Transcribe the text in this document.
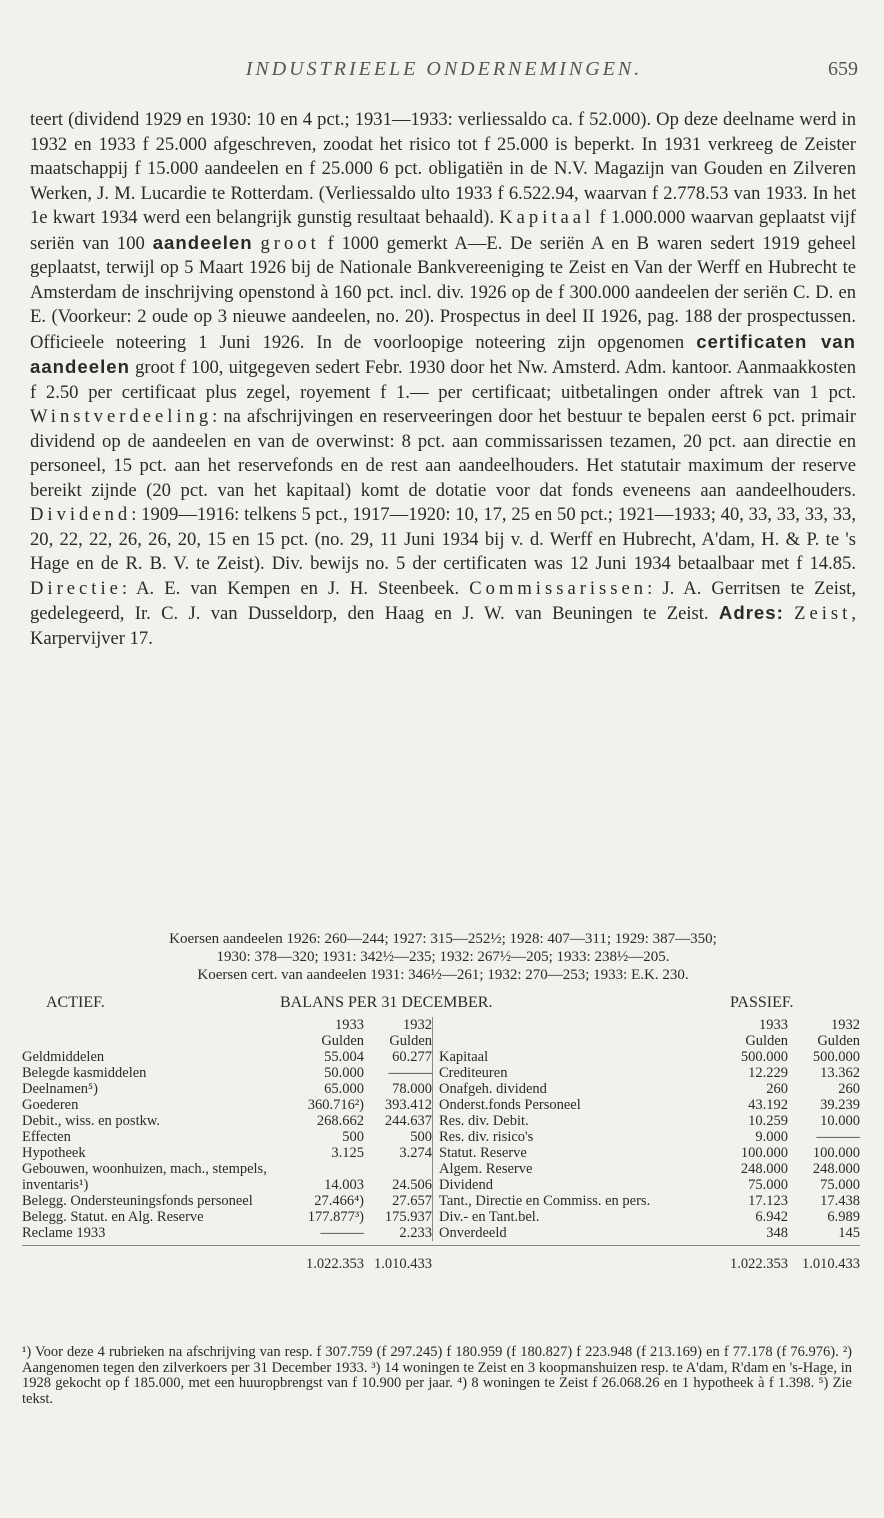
INDUSTRIEELE ONDERNEMINGEN.	659

teert (dividend 1929 en 1930: 10 en 4 pct.; 1931—1933: verliessaldo ca. f 52.000). Op deze deelname werd in 1932 en 1933 f 25.000 afgeschreven, zoodat het risico tot f 25.000 is beperkt. In 1931 verkreeg de Zeister maatschappij f 15.000 aandeelen en f 25.000 6 pct. obligatiën in de N.V. Magazijn van Gouden en Zilveren Werken, J. M. Lucardie te Rotterdam. (Verliessaldo ulto 1933 f 6.522.94, waarvan f 2.778.53 van 1933. In het 1e kwart 1934 werd een belangrijk gunstig resultaat behaald). Kapitaal f 1.000.000 waarvan geplaatst vijf seriën van 100 aandeelen groot f 1000 gemerkt A—E. De seriën A en B waren sedert 1919 geheel geplaatst, terwijl op 5 Maart 1926 bij de Nationale Bankvereeniging te Zeist en Van der Werff en Hubrecht te Amsterdam de inschrijving openstond à 160 pct. incl. div. 1926 op de f 300.000 aandeelen der seriën C. D. en E. (Voorkeur: 2 oude op 3 nieuwe aandeelen, no. 20). Prospectus in deel II 1926, pag. 188 der prospectussen. Officieele noteering 1 Juni 1926. In de voorloopige noteering zijn opgenomen certificaten van aandeelen groot f 100, uitgegeven sedert Febr. 1930 door het Nw. Amsterd. Adm. kantoor. Aanmaakkosten f 2.50 per certificaat plus zegel, royement f 1.— per certificaat; uitbetalingen onder aftrek van 1 pct. Winstverdeeling: na afschrijvingen en reserveeringen door het bestuur te bepalen eerst 6 pct. primair dividend op de aandeelen en van de overwinst: 8 pct. aan commissarissen tezamen, 20 pct. aan directie en personeel, 15 pct. aan het reservefonds en de rest aan aandeelhouders. Het statutair maximum der reserve bereikt zijnde (20 pct. van het kapitaal) komt de dotatie voor dat fonds eveneens aan aandeelhouders. Dividend: 1909—1916: telkens 5 pct., 1917—1920: 10, 17, 25 en 50 pct.; 1921—1933; 40, 33, 33, 33, 33, 20, 22, 22, 26, 26, 20, 15 en 15 pct. (no. 29, 11 Juni 1934 bij v. d. Werff en Hubrecht, A'dam, H. & P. te 's Hage en de R. B. V. te Zeist). Div. bewijs no. 5 der certificaten was 12 Juni 1934 betaalbaar met f 14.85. Directie: A. E. van Kempen en J. H. Steenbeek. Commissarissen: J. A. Gerritsen te Zeist, gedelegeerd, Ir. C. J. van Dusseldorp, den Haag en J. W. van Beuningen te Zeist. Adres: Zeist, Karpervijver 17.

Koersen aandeelen 1926: 260—244; 1927: 315—252½; 1928: 407—311; 1929: 387—350;
1930: 378—320; 1931: 342½—235; 1932: 267½—205; 1933: 238½—205.
Koersen cert. van aandeelen 1931: 346½—261; 1932: 270—253; 1933: E.K. 230.
ACTIEF.	BALANS PER 31 DECEMBER.	PASSIEF.
1933	1932
Gulden	Gulden
Geldmiddelen	55.004	60.277
Belegde kasmiddelen	50.000	———
Deelnamen⁵)	65.000	78.000
Goederen	360.716²)	393.412
Debit., wiss. en postkw.	268.662	244.637
Effecten	500	500
Hypotheek	3.125	3.274
Gebouwen, woonhuizen, mach., stempels, inventaris¹)	14.003	24.506
Belegg. Ondersteuningsfonds personeel	27.466⁴)	27.657
Belegg. Statut. en Alg. Reserve	177.877³)	175.937
Reclame 1933	———	2.233
1933	1932
Gulden	Gulden
Kapitaal	500.000	500.000
Crediteuren	12.229	13.362
Onafgeh. dividend	260	260
Onderst.fonds Personeel	43.192	39.239
Res. div. Debit.	10.259	10.000
Res. div. risico's	9.000	———
Statut. Reserve	100.000	100.000
Algem. Reserve	248.000	248.000
Dividend	75.000	75.000
Tant., Directie en Commiss. en pers.	17.123	17.438
Div.- en Tant.bel.	6.942	6.989
Onverdeeld	348	145
1.022.353 1.010.433	1.022.353 1.010.433

¹) Voor deze 4 rubrieken na afschrijving van resp. f 307.759 (f 297.245) f 180.959 (f 180.827) f 223.948 (f 213.169) en f 77.178 (f 76.976). ²) Aangenomen tegen den zilverkoers per 31 December 1933. ³) 14 woningen te Zeist en 3 koopmanshuizen resp. te A'dam, R'dam en 's-Hage, in 1928 gekocht op f 185.000, met een huuropbrengst van f 10.900 per jaar. ⁴) 8 woningen te Zeist f 26.068.26 en 1 hypotheek à f 1.398. ⁵) Zie tekst.
